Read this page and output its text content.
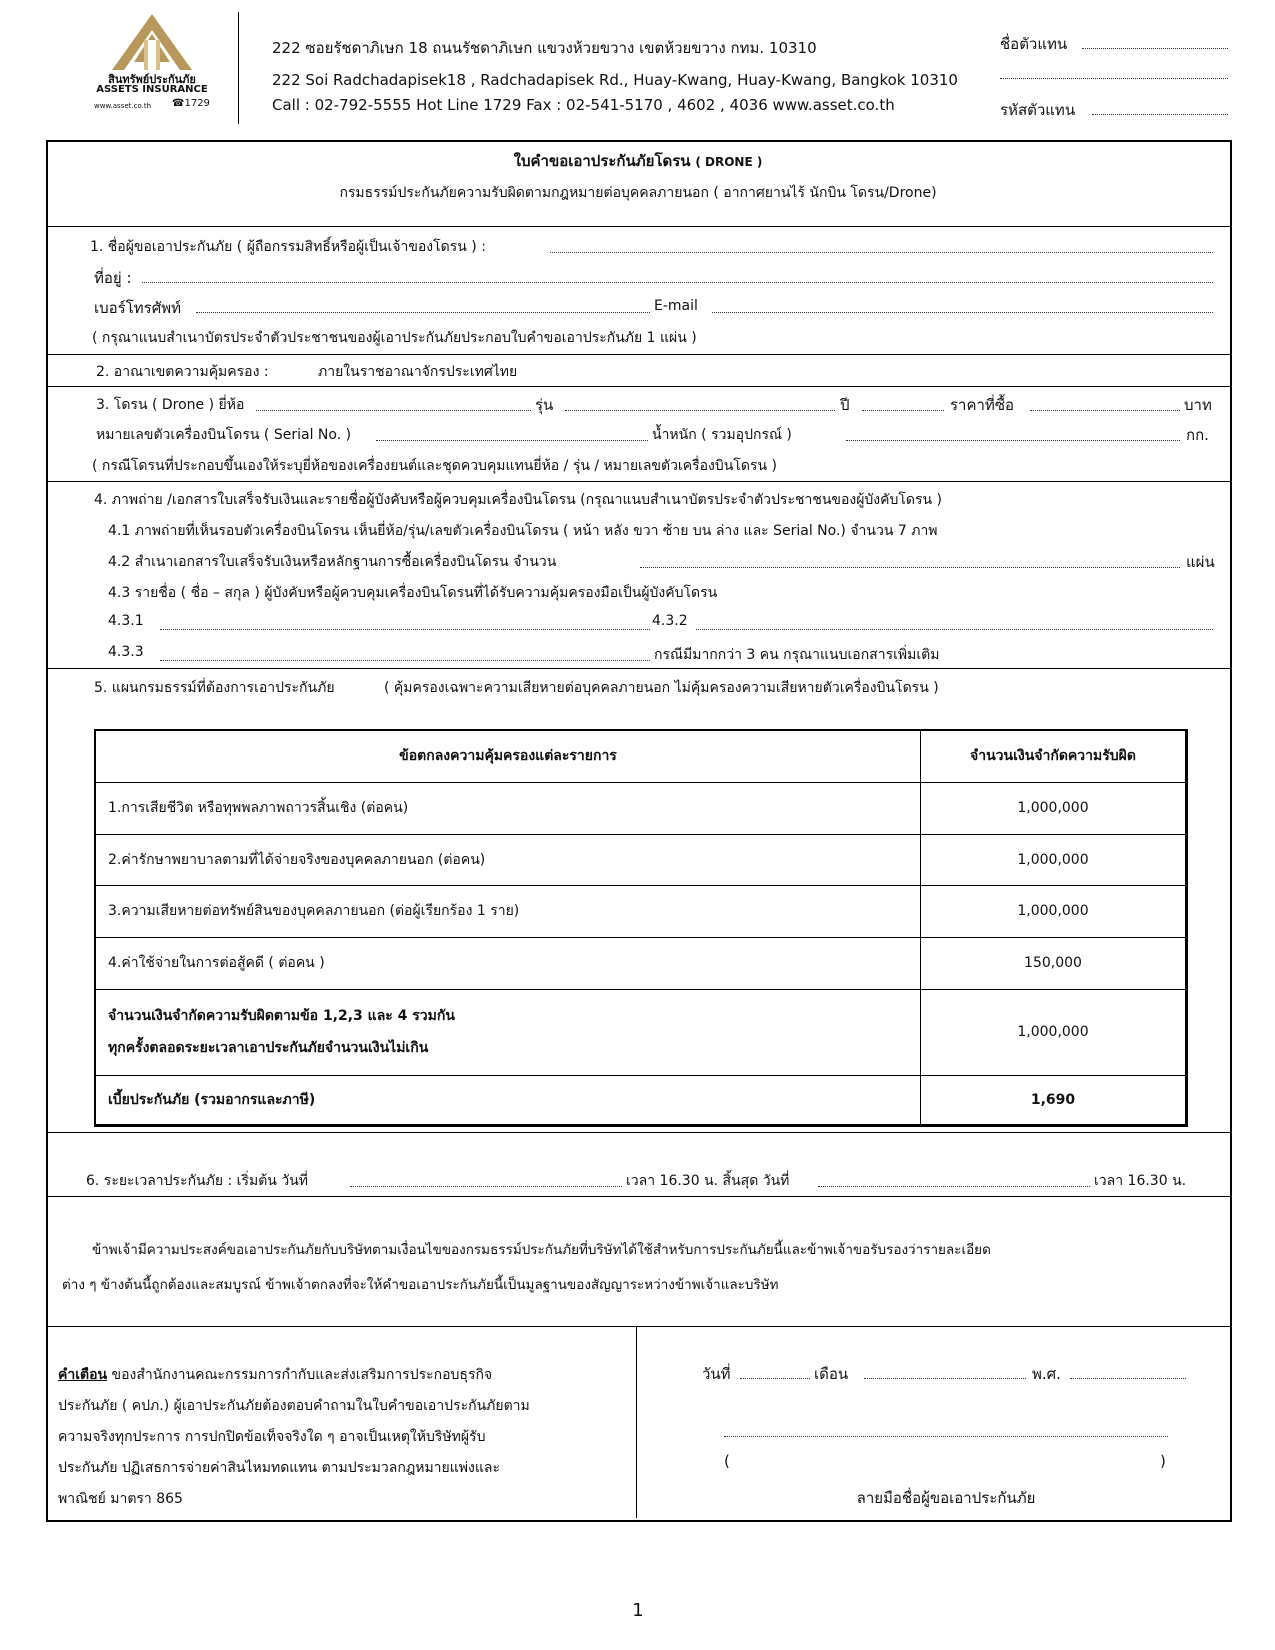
สินทรัพย์ประกันภัย
ASSETS INSURANCE
www.asset.co.th ☎1729
222 ซอยรัชดาภิเษก 18 ถนนรัชดาภิเษก แขวงห้วยขวาง เขตห้วยขวาง กทม. 10310
222 Soi Radchadapisek18 , Radchadapisek Rd., Huay-Kwang, Huay-Kwang, Bangkok 10310
Call : 02-792-5555 Hot Line 1729 Fax : 02-541-5170 , 4602 , 4036 www.asset.co.th
ชื่อตัวแทน
รหัสตัวแทน
ใบคำขอเอาประกันภัยโดรน ( DRONE )
กรมธรรม์ประกันภัยความรับผิดตามกฎหมายต่อบุคคลภายนอก ( อากาศยานไร้ นักบิน โดรน/Drone)
1. ชื่อผู้ขอเอาประกันภัย ( ผู้ถือกรรมสิทธิ์หรือผู้เป็นเจ้าของโดรน ) :
ที่อยู่ :
เบอร์โทรศัพท์	E-mail
( กรุณาแนบสำเนาบัตรประจำตัวประชาชนของผู้เอาประกันภัยประกอบใบคำขอเอาประกันภัย 1 แผ่น )
2. อาณาเขตความคุ้มครอง :	ภายในราชอาณาจักรประเทศไทย
3. โดรน ( Drone ) ยี่ห้อ	รุ่น	ปี	ราคาที่ซื้อ	บาท
หมายเลขตัวเครื่องบินโดรน ( Serial No. )	น้ำหนัก ( รวมอุปกรณ์ )	กก.
( กรณีโดรนที่ประกอบขึ้นเองให้ระบุยี่ห้อของเครื่องยนต์และชุดควบคุมแทนยี่ห้อ / รุ่น / หมายเลขตัวเครื่องบินโดรน )
4. ภาพถ่าย /เอกสารใบเสร็จรับเงินและรายชื่อผู้บังคับหรือผู้ควบคุมเครื่องบินโดรน (กรุณาแนบสำเนาบัตรประจำตัวประชาชนของผู้บังคับโดรน )
4.1 ภาพถ่ายที่เห็นรอบตัวเครื่องบินโดรน เห็นยี่ห้อ/รุ่น/เลขตัวเครื่องบินโดรน ( หน้า หลัง ขวา ซ้าย บน ล่าง และ Serial No.) จำนวน 7 ภาพ
4.2 สำเนาเอกสารใบเสร็จรับเงินหรือหลักฐานการซื้อเครื่องบินโดรน จำนวน	แผ่น
4.3 รายชื่อ ( ชื่อ – สกุล ) ผู้บังคับหรือผู้ควบคุมเครื่องบินโดรนที่ได้รับความคุ้มครองมือเป็นผู้บังคับโดรน
4.3.1	4.3.2
4.3.3	กรณีมีมากกว่า 3 คน กรุณาแนบเอกสารเพิ่มเติม
5. แผนกรมธรรม์ที่ต้องการเอาประกันภัย	( คุ้มครองเฉพาะความเสียหายต่อบุคคลภายนอก ไม่คุ้มครองความเสียหายตัวเครื่องบินโดรน )
ข้อตกลงความคุ้มครองแต่ละรายการ	จำนวนเงินจำกัดความรับผิด
1.การเสียชีวิต หรือทุพพลภาพถาวรสิ้นเชิง (ต่อคน)	1,000,000
2.ค่ารักษาพยาบาลตามที่ได้จ่ายจริงของบุคคลภายนอก (ต่อคน)	1,000,000
3.ความเสียหายต่อทรัพย์สินของบุคคลภายนอก (ต่อผู้เรียกร้อง 1 ราย)	1,000,000
4.ค่าใช้จ่ายในการต่อสู้คดี ( ต่อคน )	150,000

จำนวนเงินจำกัดความรับผิดตามข้อ 1,2,3 และ 4 รวมกัน
ทุกครั้งตลอดระยะเวลาเอาประกันภัยจำนวนเงินไม่เกิน	1,000,000
เบี้ยประกันภัย (รวมอากรและภาษี)	1,690
6. ระยะเวลาประกันภัย : เริ่มต้น วันที่	เวลา 16.30 น. สิ้นสุด วันที่	เวลา 16.30 น.
ข้าพเจ้ามีความประสงค์ขอเอาประกันภัยกับบริษัทตามเงื่อนไขของกรมธรรม์ประกันภัยที่บริษัทได้ใช้สำหรับการประกันภัยนี้และข้าพเจ้าขอรับรองว่ารายละเอียด
ต่าง ๆ ข้างต้นนี้ถูกต้องและสมบูรณ์ ข้าพเจ้าตกลงที่จะให้คำขอเอาประกันภัยนี้เป็นมูลฐานของสัญญาระหว่างข้าพเจ้าและบริษัท
คำเตือน ของสำนักงานคณะกรรมการกำกับและส่งเสริมการประกอบธุรกิจ
ประกันภัย ( คปภ.) ผู้เอาประกันภัยต้องตอบคำถามในใบคำขอเอาประกันภัยตาม
ความจริงทุกประการ การปกปิดข้อเท็จจริงใด ๆ อาจเป็นเหตุให้บริษัทผู้รับ
ประกันภัย ปฏิเสธการจ่ายค่าสินไหมทดแทน ตามประมวลกฎหมายแพ่งและ
พาณิชย์ มาตรา 865
วันที่	เดือน	พ.ศ.
(	)
ลายมือชื่อผู้ขอเอาประกันภัย
1
